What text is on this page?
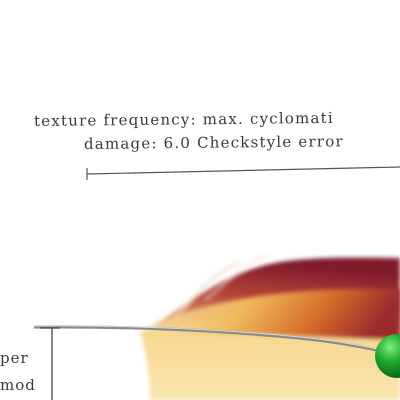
texture frequency: max. cyclomati
damage: 6.0 Checkstyle error
per
mod
